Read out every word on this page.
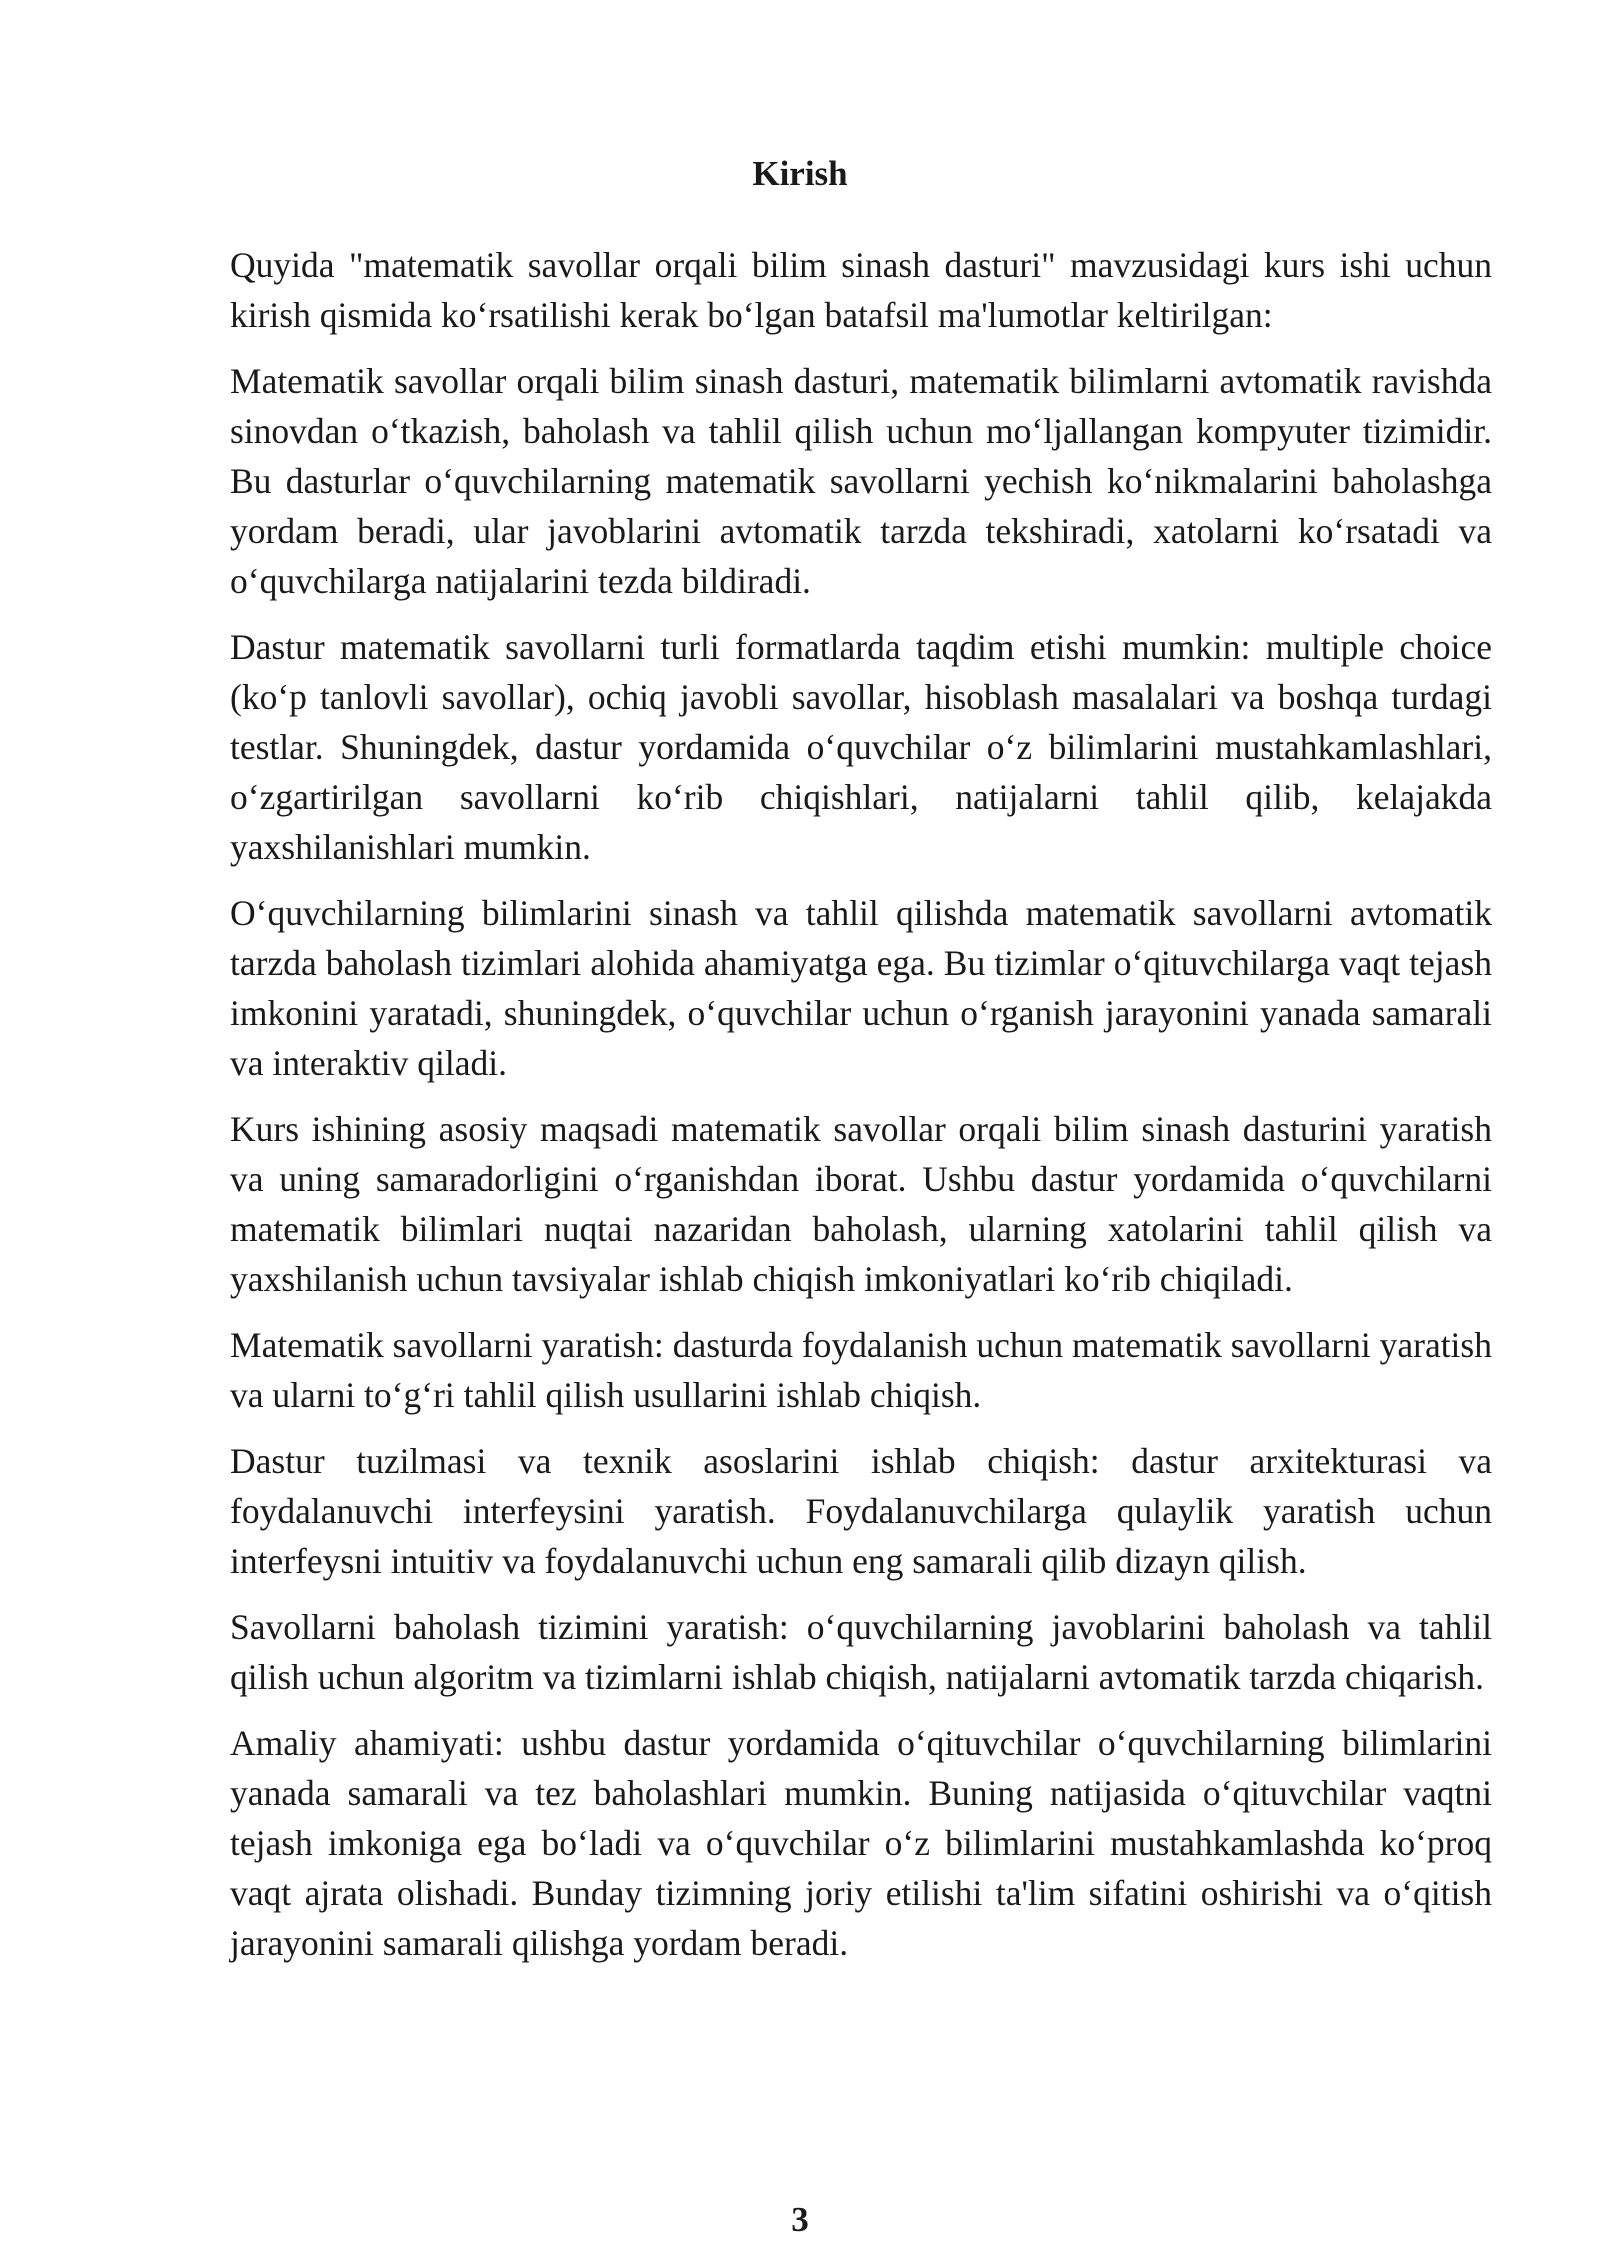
Kirish

Quyida "matematik savollar orqali bilim sinash dasturi" mavzusidagi kurs ishi uchun kirish qismida koʻrsatilishi kerak boʻlgan batafsil ma'lumotlar keltirilgan:

Matematik savollar orqali bilim sinash dasturi, matematik bilimlarni avtomatik ravishda sinovdan oʻtkazish, baholash va tahlil qilish uchun moʻljallangan kompyuter tizimidir. Bu dasturlar oʻquvchilarning matematik savollarni yechish koʻnikmalarini baholashga yordam beradi, ular javoblarini avtomatik tarzda tekshiradi, xatolarni koʻrsatadi va oʻquvchilarga natijalarini tezda bildiradi.

Dastur matematik savollarni turli formatlarda taqdim etishi mumkin: multiple choice (koʻp tanlovli savollar), ochiq javobli savollar, hisoblash masalalari va boshqa turdagi testlar. Shuningdek, dastur yordamida oʻquvchilar oʻz bilimlarini mustahkamlashlari, oʻzgartirilgan savollarni koʻrib chiqishlari, natijalarni tahlil qilib, kelajakda yaxshilanishlari mumkin.

Oʻquvchilarning bilimlarini sinash va tahlil qilishda matematik savollarni avtomatik tarzda baholash tizimlari alohida ahamiyatga ega. Bu tizimlar oʻqituvchilarga vaqt tejash imkonini yaratadi, shuningdek, oʻquvchilar uchun oʻrganish jarayonini yanada samarali va interaktiv qiladi.

Kurs ishining asosiy maqsadi matematik savollar orqali bilim sinash dasturini yaratish va uning samaradorligini oʻrganishdan iborat. Ushbu dastur yordamida oʻquvchilarni matematik bilimlari nuqtai nazaridan baholash, ularning xatolarini tahlil qilish va yaxshilanish uchun tavsiyalar ishlab chiqish imkoniyatlari koʻrib chiqiladi.

Matematik savollarni yaratish: dasturda foydalanish uchun matematik savollarni yaratish va ularni toʻgʻri tahlil qilish usullarini ishlab chiqish.

Dastur tuzilmasi va texnik asoslarini ishlab chiqish: dastur arxitekturasi va foydalanuvchi interfeysini yaratish. Foydalanuvchilarga qulaylik yaratish uchun interfeysni intuitiv va foydalanuvchi uchun eng samarali qilib dizayn qilish.

Savollarni baholash tizimini yaratish: oʻquvchilarning javoblarini baholash va tahlil qilish uchun algoritm va tizimlarni ishlab chiqish, natijalarni avtomatik tarzda chiqarish.

Amaliy ahamiyati: ushbu dastur yordamida oʻqituvchilar oʻquvchilarning bilimlarini yanada samarali va tez baholashlari mumkin. Buning natijasida oʻqituvchilar vaqtni tejash imkoniga ega boʻladi va oʻquvchilar oʻz bilimlarini mustahkamlashda koʻproq vaqt ajrata olishadi. Bunday tizimning joriy etilishi ta'lim sifatini oshirishi va oʻqitish jarayonini samarali qilishga yordam beradi.

3
